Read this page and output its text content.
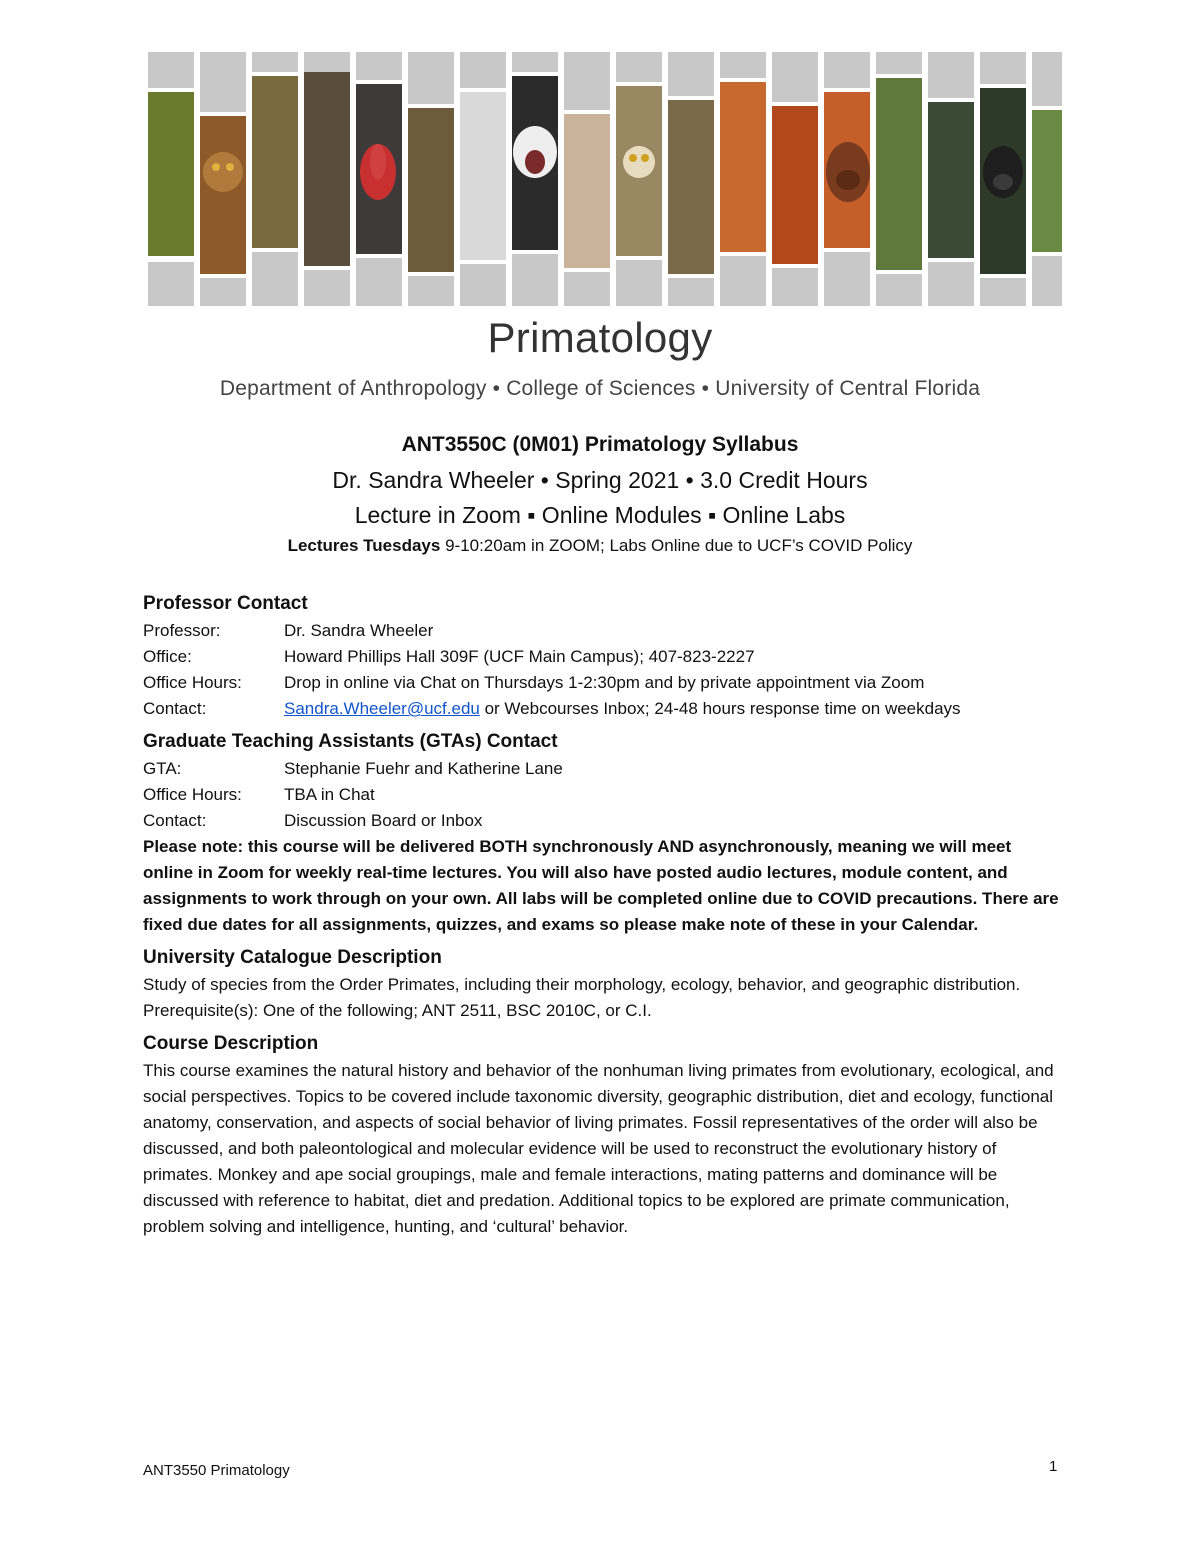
Primatology
Department of Anthropology • College of Sciences • University of Central Florida
ANT3550C (0M01) Primatology Syllabus
Dr. Sandra Wheeler • Spring 2021 • 3.0 Credit Hours
Lecture in Zoom ▪ Online Modules ▪ Online Labs
Lectures Tuesdays 9-10:20am in ZOOM; Labs Online due to UCF’s COVID Policy

Professor Contact

Professor:	Dr. Sandra Wheeler
Office:	Howard Phillips Hall 309F (UCF Main Campus); 407-823-2227
Office Hours:	Drop in online via Chat on Thursdays 1-2:30pm and by private appointment via Zoom
Contact:	Sandra.Wheeler@ucf.edu or Webcourses Inbox; 24-48 hours response time on weekdays

Graduate Teaching Assistants (GTAs) Contact

GTA:	Stephanie Fuehr and Katherine Lane
Office Hours:	TBA in Chat
Contact:	Discussion Board or Inbox

Please note: this course will be delivered BOTH synchronously AND asynchronously, meaning we will meet online in Zoom for weekly real-time lectures. You will also have posted audio lectures, module content, and assignments to work through on your own. All labs will be completed online due to COVID precautions. There are fixed due dates for all assignments, quizzes, and exams so please make note of these in your Calendar.

University Catalogue Description

Study of species from the Order Primates, including their morphology, ecology, behavior, and geographic distribution. Prerequisite(s): One of the following; ANT 2511, BSC 2010C, or C.I.

Course Description

This course examines the natural history and behavior of the nonhuman living primates from evolutionary, ecological, and social perspectives. Topics to be covered include taxonomic diversity, geographic distribution, diet and ecology, functional anatomy, conservation, and aspects of social behavior of living primates. Fossil representatives of the order will also be discussed, and both paleontological and molecular evidence will be used to reconstruct the evolutionary history of primates. Monkey and ape social groupings, male and female interactions, mating patterns and dominance will be discussed with reference to habitat, diet and predation. Additional topics to be explored are primate communication, problem solving and intelligence, hunting, and ‘cultural’ behavior.

ANT3550 Primatology	1
